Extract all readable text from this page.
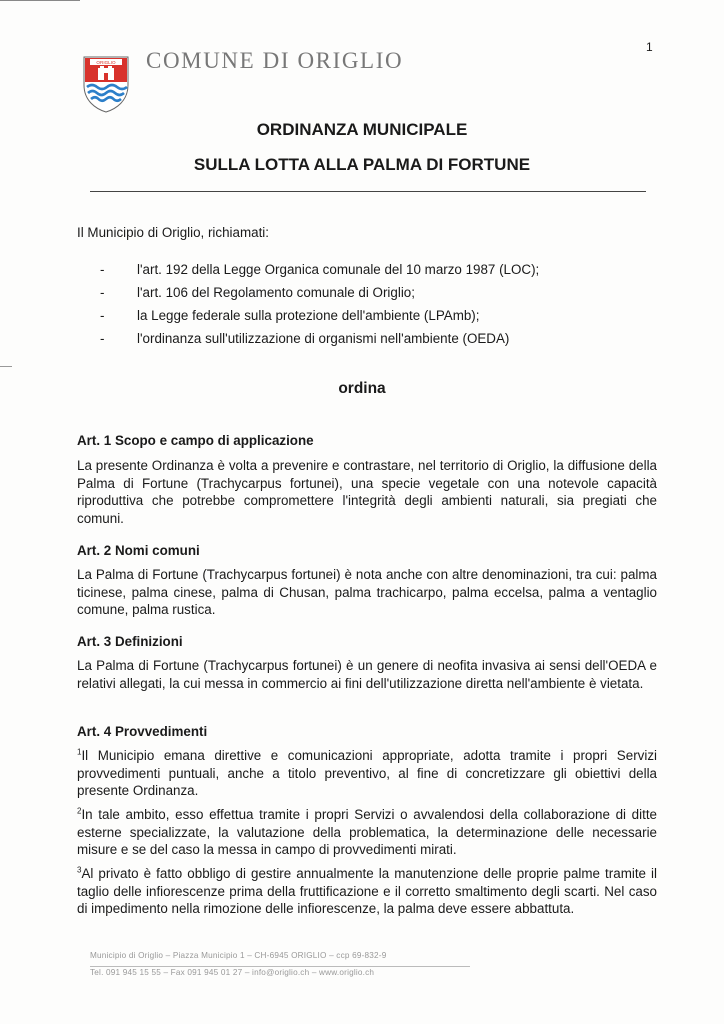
1
ORIGLIO COMUNE DI ORIGLIO
ORDINANZA MUNICIPALE
SULLA LOTTA ALLA PALMA DI FORTUNE
Il Municipio di Origlio, richiamati:
- l'art. 192 della Legge Organica comunale del 10 marzo 1987 (LOC);
- l'art. 106 del Regolamento comunale di Origlio;
- la Legge federale sulla protezione dell'ambiente (LPAmb);
- l'ordinanza sull'utilizzazione di organismi nell'ambiente (OEDA)
ordina
Art. 1 Scopo e campo di applicazione

La presente Ordinanza è volta a prevenire e contrastare, nel territorio di Origlio, la diffusione della Palma di Fortune (Trachycarpus fortunei), una specie vegetale con una notevole capacità riproduttiva che potrebbe compromettere l'integrità degli ambienti naturali, sia pregiati che comuni.

Art. 2 Nomi comuni

La Palma di Fortune (Trachycarpus fortunei) è nota anche con altre denominazioni, tra cui: palma ticinese, palma cinese, palma di Chusan, palma trachicarpo, palma eccelsa, palma a ventaglio comune, palma rustica.

Art. 3 Definizioni

La Palma di Fortune (Trachycarpus fortunei) è un genere di neofita invasiva ai sensi dell'OEDA e relativi allegati, la cui messa in commercio ai fini dell'utilizzazione diretta nell'ambiente è vietata.

Art. 4 Provvedimenti

$^1$Il Municipio emana direttive e comunicazioni appropriate, adotta tramite i propri Servizi provvedimenti puntuali, anche a titolo preventivo, al fine di concretizzare gli obiettivi della presente Ordinanza.

$^2$In tale ambito, esso effettua tramite i propri Servizi o avvalendosi della collaborazione di ditte esterne specializzate, la valutazione della problematica, la determinazione delle necessarie misure e se del caso la messa in campo di provvedimenti mirati.

$^3$Al privato è fatto obbligo di gestire annualmente la manutenzione delle proprie palme tramite il taglio delle infiorescenze prima della fruttificazione e il corretto smaltimento degli scarti. Nel caso di impedimento nella rimozione delle infiorescenze, la palma deve essere abbattuta.

Municipio di Origlio – Piazza Municipio 1 – CH-6945 ORIGLIO – ccp 69-832-9
Tel. 091 945 15 55 – Fax 091 945 01 27 – info@origlio.ch – www.origlio.ch
